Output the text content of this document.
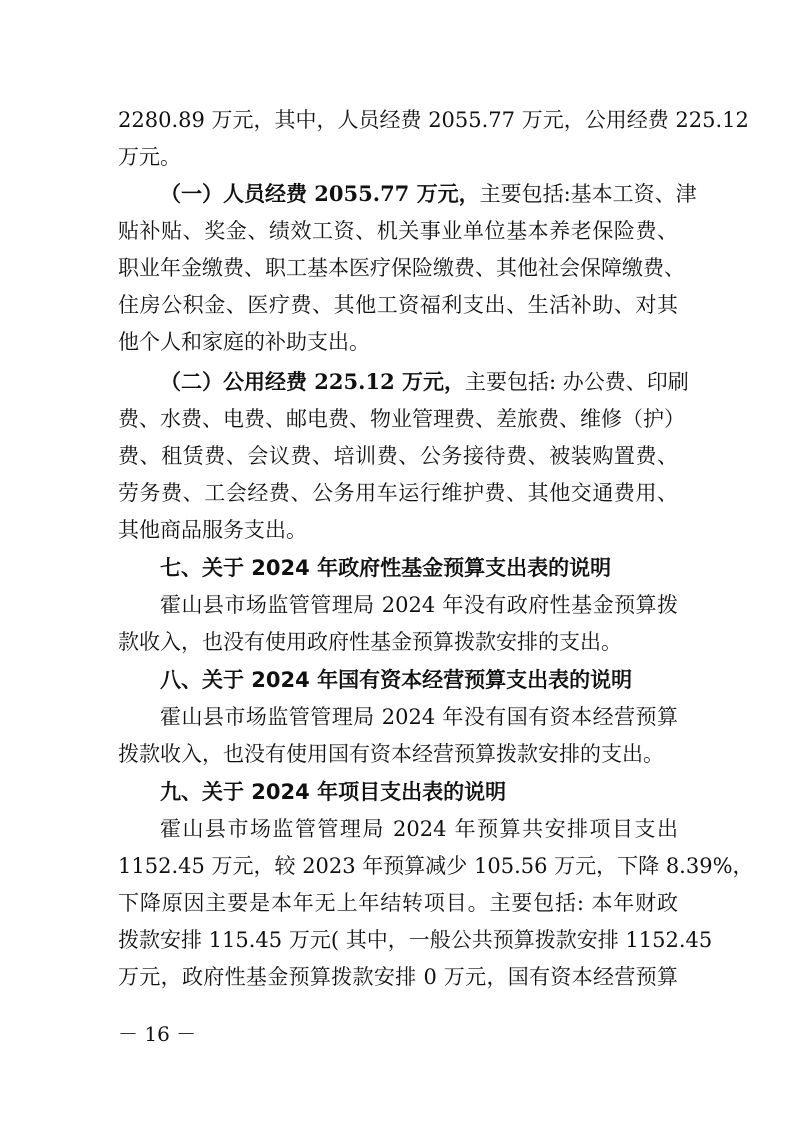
2280.89 万元，其中，人员经费 2055.77 万元，公用经费 225.12
万元。
（一）人员经费 2055.77 万元，主要包括:基本工资、津
贴补贴、奖金、绩效工资、机关事业单位基本养老保险费、
职业年金缴费、职工基本医疗保险缴费、其他社会保障缴费、
住房公积金、医疗费、其他工资福利支出、生活补助、对其
他个人和家庭的补助支出。
（二）公用经费 225.12 万元，主要包括: 办公费、印刷
费、水费、电费、邮电费、物业管理费、差旅费、维修（护）
费、租赁费、会议费、培训费、公务接待费、被装购置费、
劳务费、工会经费、公务用车运行维护费、其他交通费用、
其他商品服务支出。
七、关于 2024 年政府性基金预算支出表的说明
霍山县市场监管管理局 2024 年没有政府性基金预算拨
款收入，也没有使用政府性基金预算拨款安排的支出。
八、关于 2024 年国有资本经营预算支出表的说明
霍山县市场监管管理局 2024 年没有国有资本经营预算
拨款收入，也没有使用国有资本经营预算拨款安排的支出。
九、关于 2024 年项目支出表的说明
霍山县市场监管管理局 2024 年预算共安排项目支出
1152.45 万元，较 2023 年预算减少 105.56 万元，下降 8.39%，
下降原因主要是本年无上年结转项目。主要包括: 本年财政
拨款安排 115.45 万元( 其中，一般公共预算拨款安排 1152.45
万元，政府性基金预算拨款安排 0 万元，国有资本经营预算
－ 16 －
